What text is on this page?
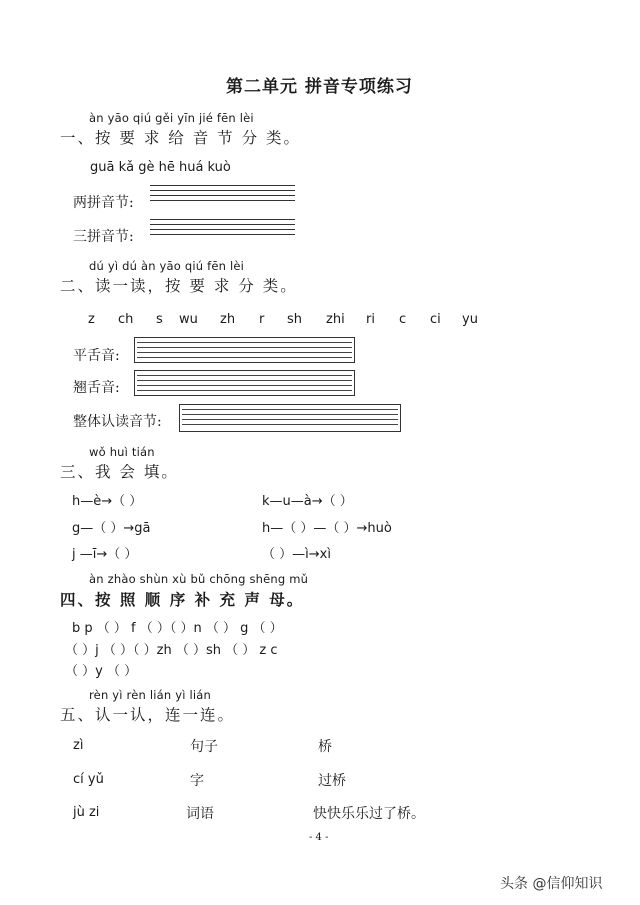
第二单元 拼音专项练习
àn yāo qiú gěi yīn jié fēn lèi
一、按 要 求 给 音 节 分 类。
guā kǎ gè hē huá kuò
两拼音节:
三拼音节:
dú yì dú àn yāo qiú fēn lèi
二、读一读，按 要 求 分 类。
z ch s wu zh r sh zhi ri c ci yu
平舌音:
翘舌音:
整体认读音节:
wǒ huì tián
三、我 会 填。
h—è→（ ）	k—u—à→（ ）
g—（ ）→gā	h—（ ）—（ ）→huò
j —ī→（ ）	（ ）—ì→xì
àn zhào shùn xù bǔ chōng shēng mǔ
四、按 照 顺 序 补 充 声 母。
b p （ ） f （ ）（ ）n （ ） g （ ）
（ ）j （ ）（ ）zh （ ）sh （ ） z c
（ ）y （ ）
rèn yì rèn lián yì lián
五、认一认，连一连。
zì	句子	桥
cí yǔ	字	过桥
jù zi	词语	快快乐乐过了桥。
- 4 -
头条 @信仰知识
